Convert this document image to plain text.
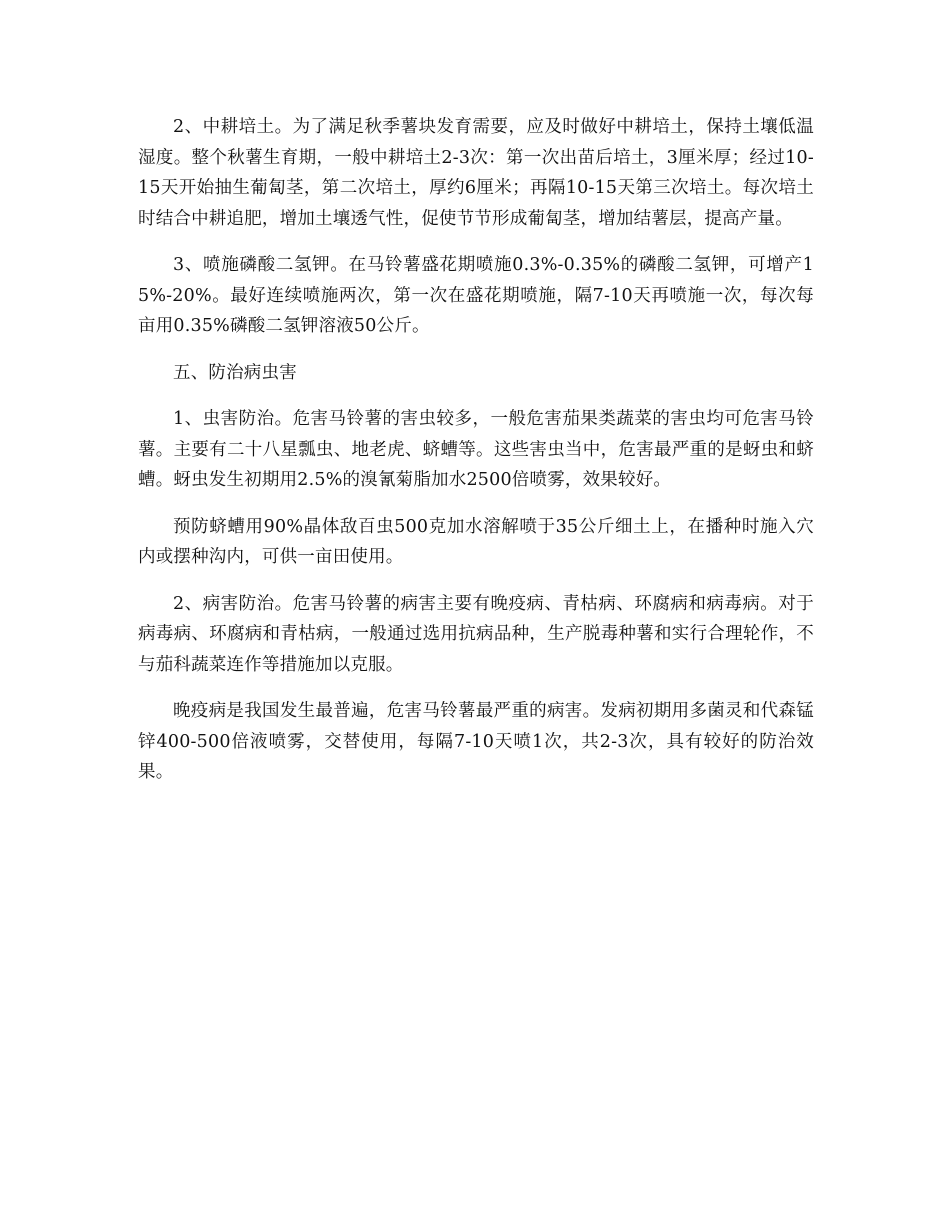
2、中耕培土。为了满足秋季薯块发育需要，应及时做好中耕培土，保持土壤低温湿度。整个秋薯生育期，一般中耕培土2-3次：第一次出苗后培土，3厘米厚；经过10-15天开始抽生葡匐茎，第二次培土，厚约6厘米；再隔10-15天第三次培土。每次培土时结合中耕追肥，增加土壤透气性，促使节节形成葡匐茎，增加结薯层，提高产量。

3、喷施磷酸二氢钾。在马铃薯盛花期喷施0.3%-0.35%的磷酸二氢钾，可增产15%-20%。最好连续喷施两次，第一次在盛花期喷施，隔7-10天再喷施一次，每次每亩用0.35%磷酸二氢钾溶液50公斤。

五、防治病虫害

1、虫害防治。危害马铃薯的害虫较多，一般危害茄果类蔬菜的害虫均可危害马铃薯。主要有二十八星瓢虫、地老虎、蛴螬等。这些害虫当中，危害最严重的是蚜虫和蛴螬。蚜虫发生初期用2.5%的溴氰菊脂加水2500倍喷雾，效果较好。

预防蛴螬用90%晶体敌百虫500克加水溶解喷于35公斤细土上，在播种时施入穴内或摆种沟内，可供一亩田使用。

2、病害防治。危害马铃薯的病害主要有晚疫病、青枯病、环腐病和病毒病。对于病毒病、环腐病和青枯病，一般通过选用抗病品种，生产脱毒种薯和实行合理轮作，不与茄科蔬菜连作等措施加以克服。

晚疫病是我国发生最普遍，危害马铃薯最严重的病害。发病初期用多菌灵和代森锰锌400-500倍液喷雾，交替使用，每隔7-10天喷1次，共2-3次，具有较好的防治效果。
